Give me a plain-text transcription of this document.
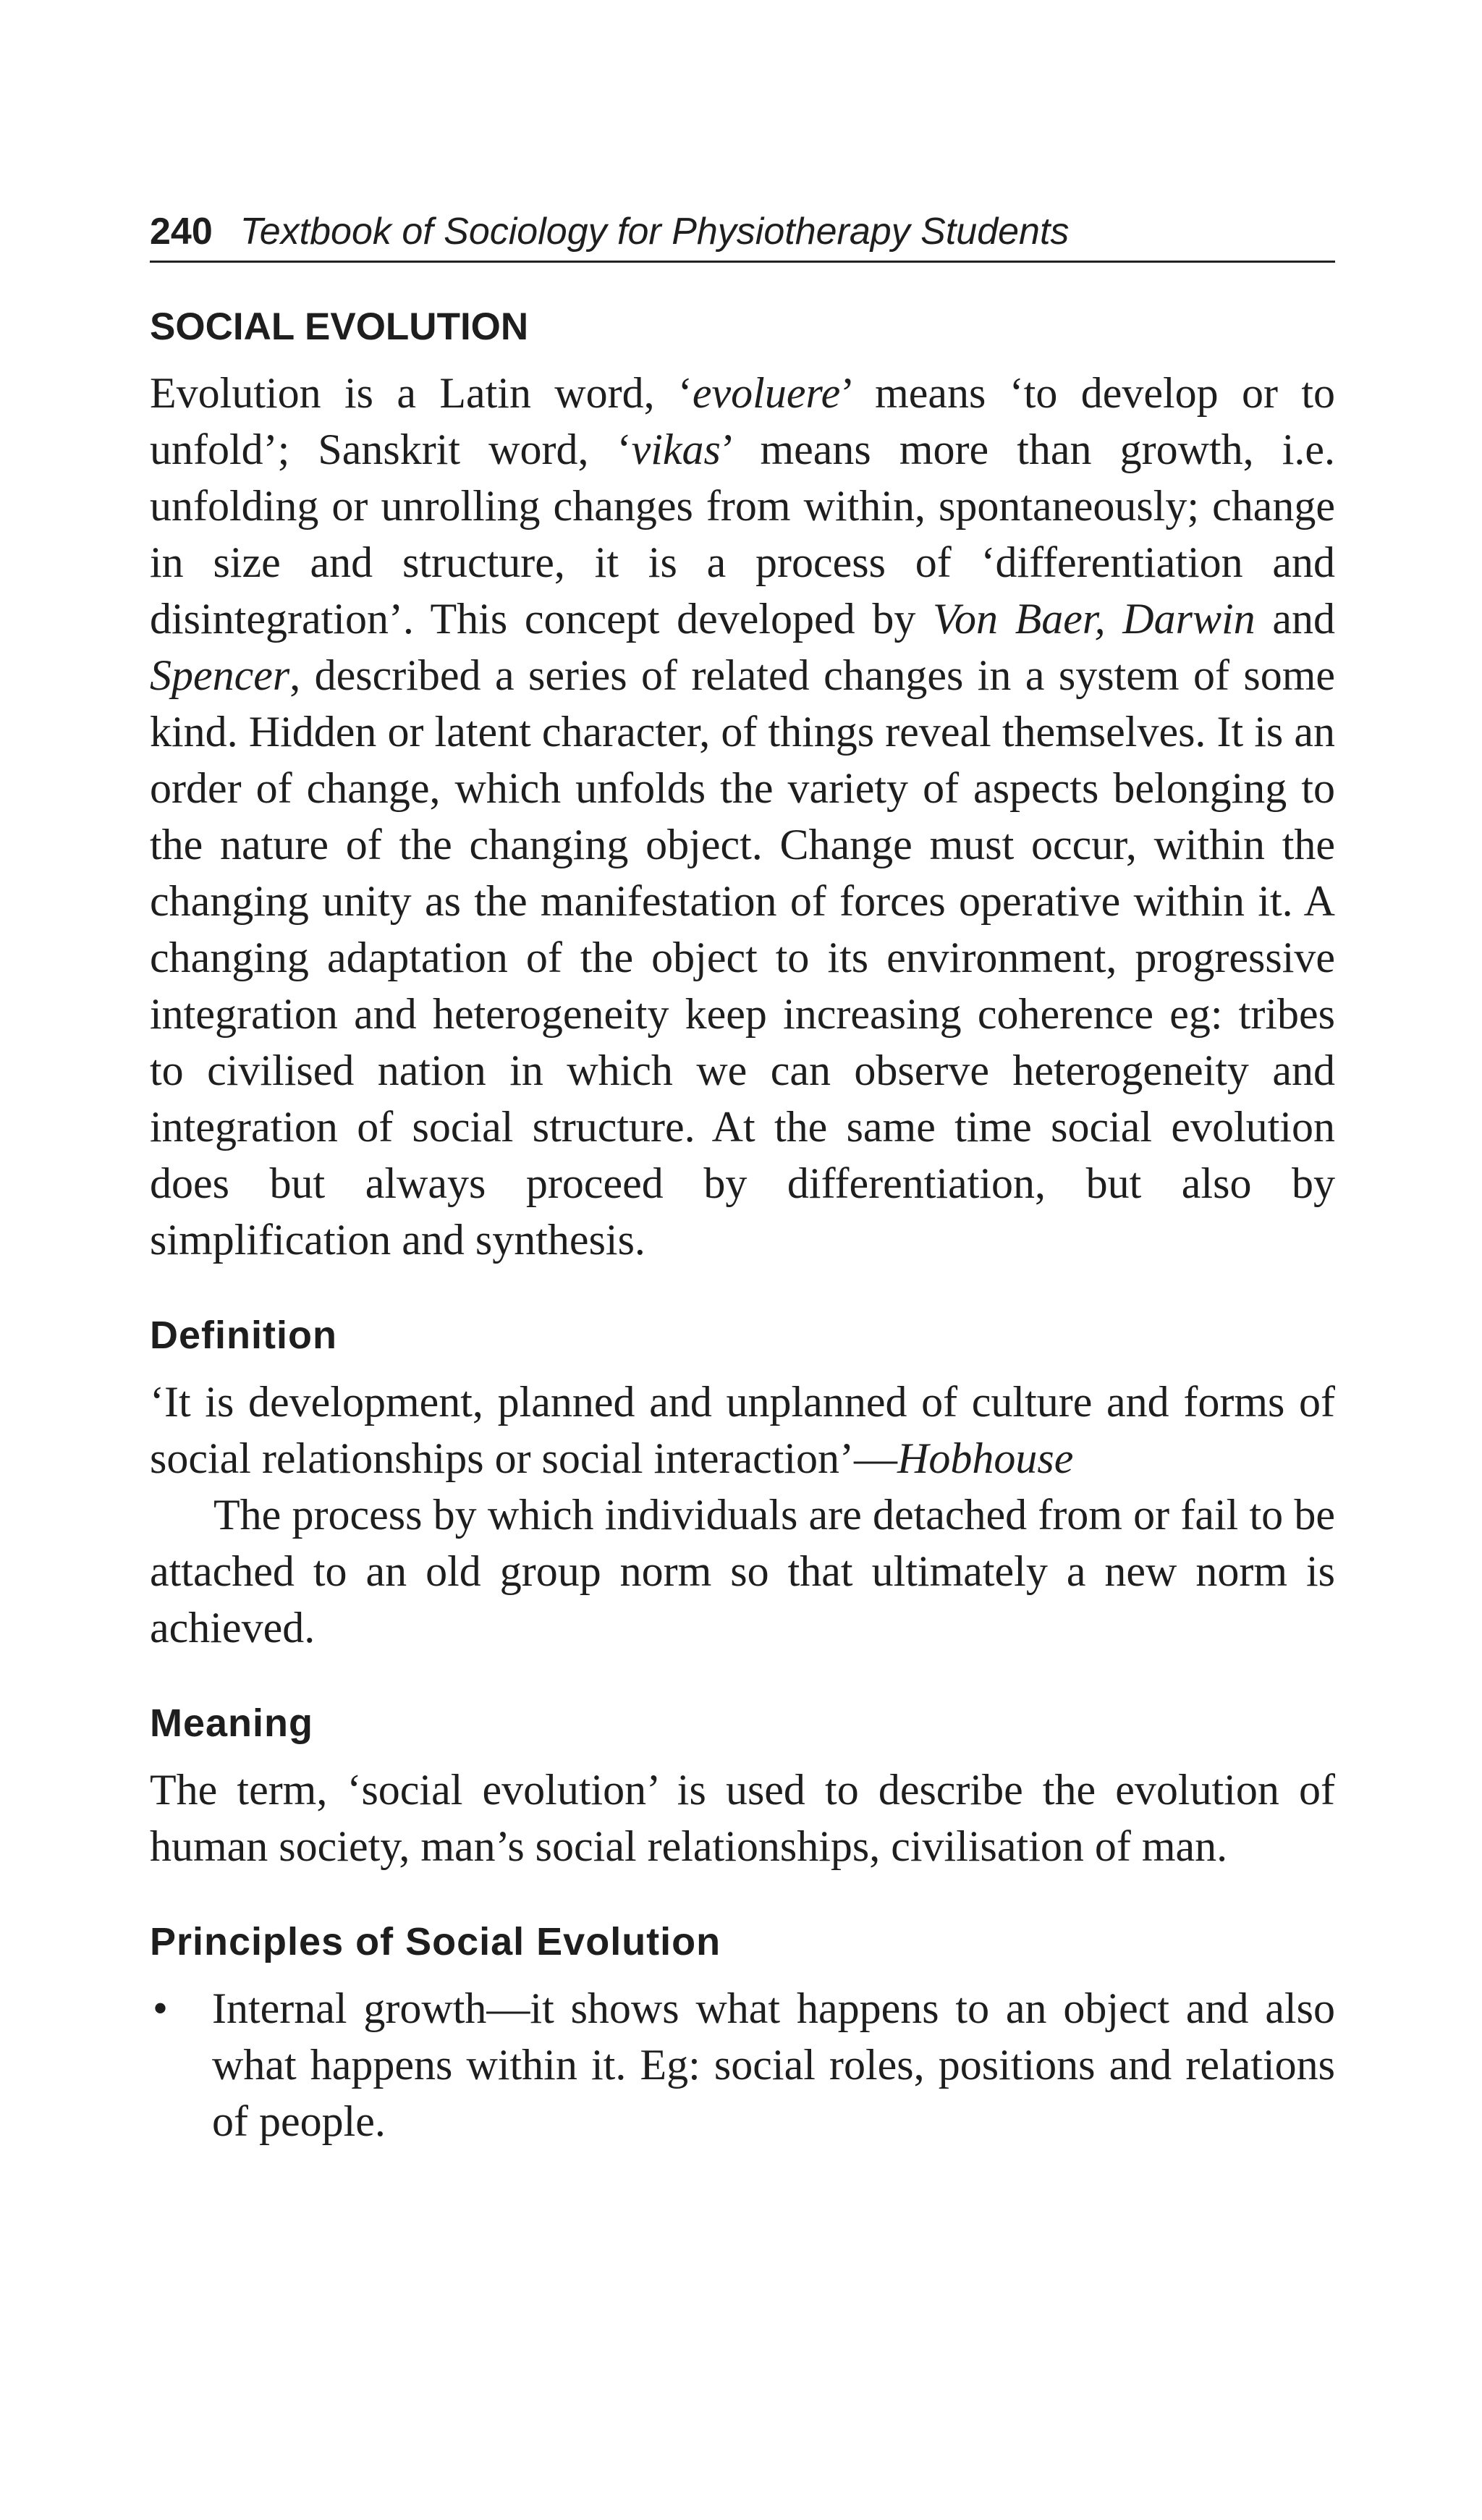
240 Textbook of Sociology for Physiotherapy Students
SOCIAL EVOLUTION

Evolution is a Latin word, ‘evoluere’ means ‘to develop or to unfold’; Sanskrit word, ‘vikas’ means more than growth, i.e. unfolding or unrolling changes from within, spontaneously; change in size and structure, it is a process of ‘differentiation and disintegration’. This concept developed by Von Baer, Darwin and Spencer, described a series of related changes in a system of some kind. Hidden or latent character, of things reveal themselves. It is an order of change, which unfolds the variety of aspects belonging to the nature of the changing object. Change must occur, within the changing unity as the manifestation of forces operative within it. A changing adaptation of the object to its environment, progressive integration and heterogeneity keep increasing coherence eg: tribes to civilised nation in which we can observe heterogeneity and integration of social structure. At the same time social evolution does but always proceed by differentiation, but also by simplification and synthesis.

Definition

‘It is development, planned and unplanned of culture and forms of social relationships or social interaction’—Hobhouse

The process by which individuals are detached from or fail to be attached to an old group norm so that ultimately a new norm is achieved.

Meaning

The term, ‘social evolution’ is used to describe the evolution of human society, man’s social relationships, civilisation of man.

Principles of Social Evolution
• Internal growth—it shows what happens to an object and also what happens within it. Eg: social roles, positions and relations of people.
